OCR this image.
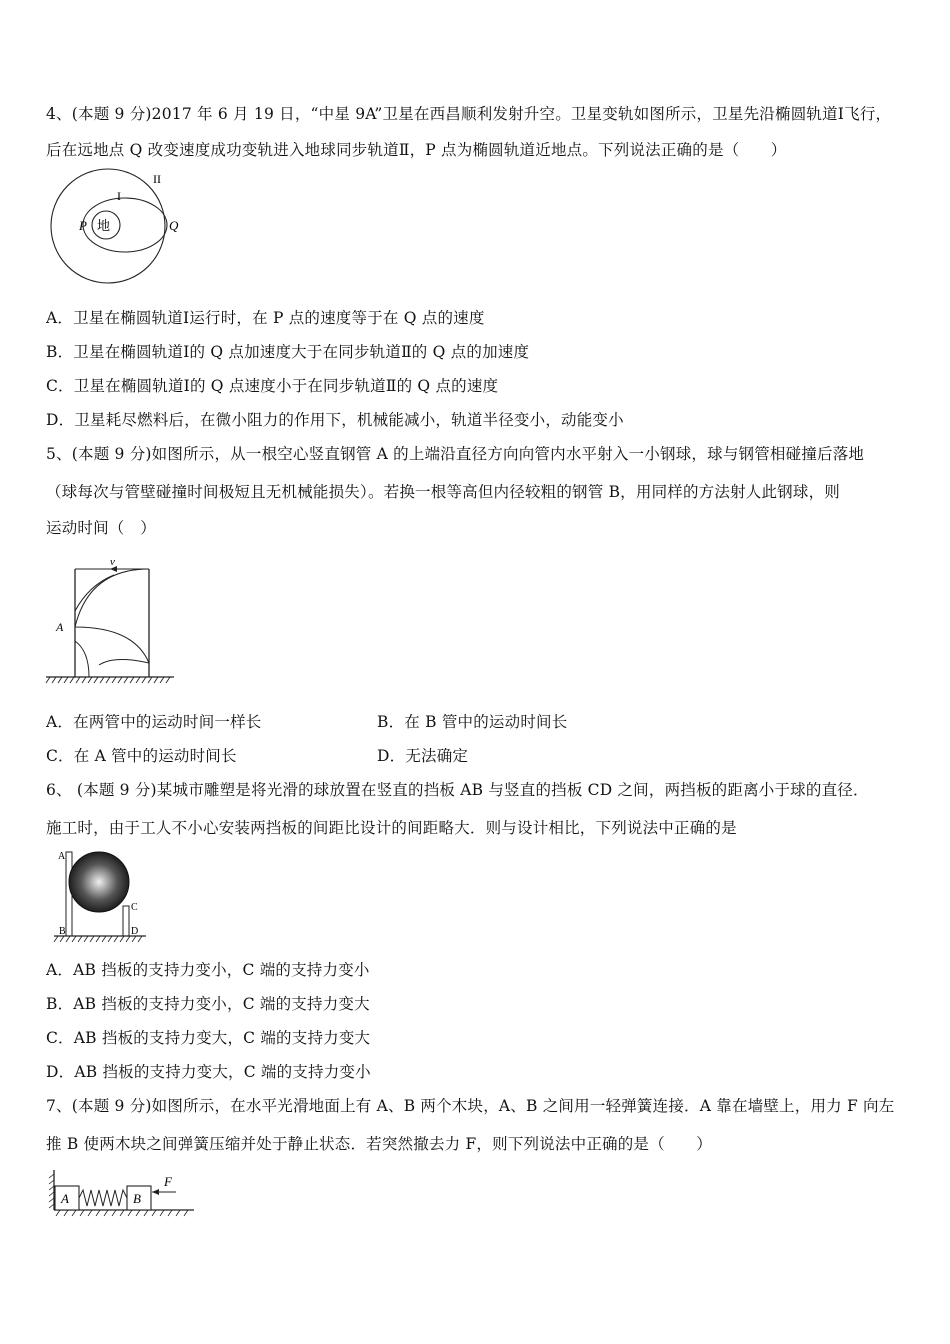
4、(本题 9 分)2017 年 6 月 19 日，“中星 9A”卫星在西昌顺利发射升空。卫星变轨如图所示，卫星先沿椭圆轨道Ⅰ飞行，
后在远地点 Q 改变速度成功变轨进入地球同步轨道Ⅱ，P 点为椭圆轨道近地点。下列说法正确的是（　　）
地
I
II
P	Q
A．卫星在椭圆轨道Ⅰ运行时，在 P 点的速度等于在 Q 点的速度
B．卫星在椭圆轨道Ⅰ的 Q 点加速度大于在同步轨道Ⅱ的 Q 点的加速度
C．卫星在椭圆轨道Ⅰ的 Q 点速度小于在同步轨道Ⅱ的 Q 点的速度
D．卫星耗尽燃料后，在微小阻力的作用下，机械能减小，轨道半径变小，动能变小
5、(本题 9 分)如图所示，从一根空心竖直钢管 A 的上端沿直径方向向管内水平射入一小钢球，球与钢管相碰撞后落地
（球每次与管壁碰撞时间极短且无机械能损失）。若换一根等高但内径较粗的钢管 B，用同样的方法射人此钢球，则
运动时间（　）
v
A
A．在两管中的运动时间一样长	B．在 B 管中的运动时间长
C．在 A 管中的运动时间长	D．无法确定
6、 (本题 9 分)某城市雕塑是将光滑的球放置在竖直的挡板 AB 与竖直的挡板 CD 之间，两挡板的距离小于球的直径．
施工时，由于工人不小心安装两挡板的间距比设计的间距略大．则与设计相比，下列说法中正确的是
A
B
C
D
A．AB 挡板的支持力变小，C 端的支持力变小
B．AB 挡板的支持力变小，C 端的支持力变大
C．AB 挡板的支持力变大，C 端的支持力变大
D．AB 挡板的支持力变大，C 端的支持力变小
7、(本题 9 分)如图所示，在水平光滑地面上有 A、B 两个木块，A、B 之间用一轻弹簧连接．A 靠在墙壁上，用力 F 向左
推 B 使两木块之间弹簧压缩并处于静止状态．若突然撤去力 F，则下列说法中正确的是（　　）
A	B
F
